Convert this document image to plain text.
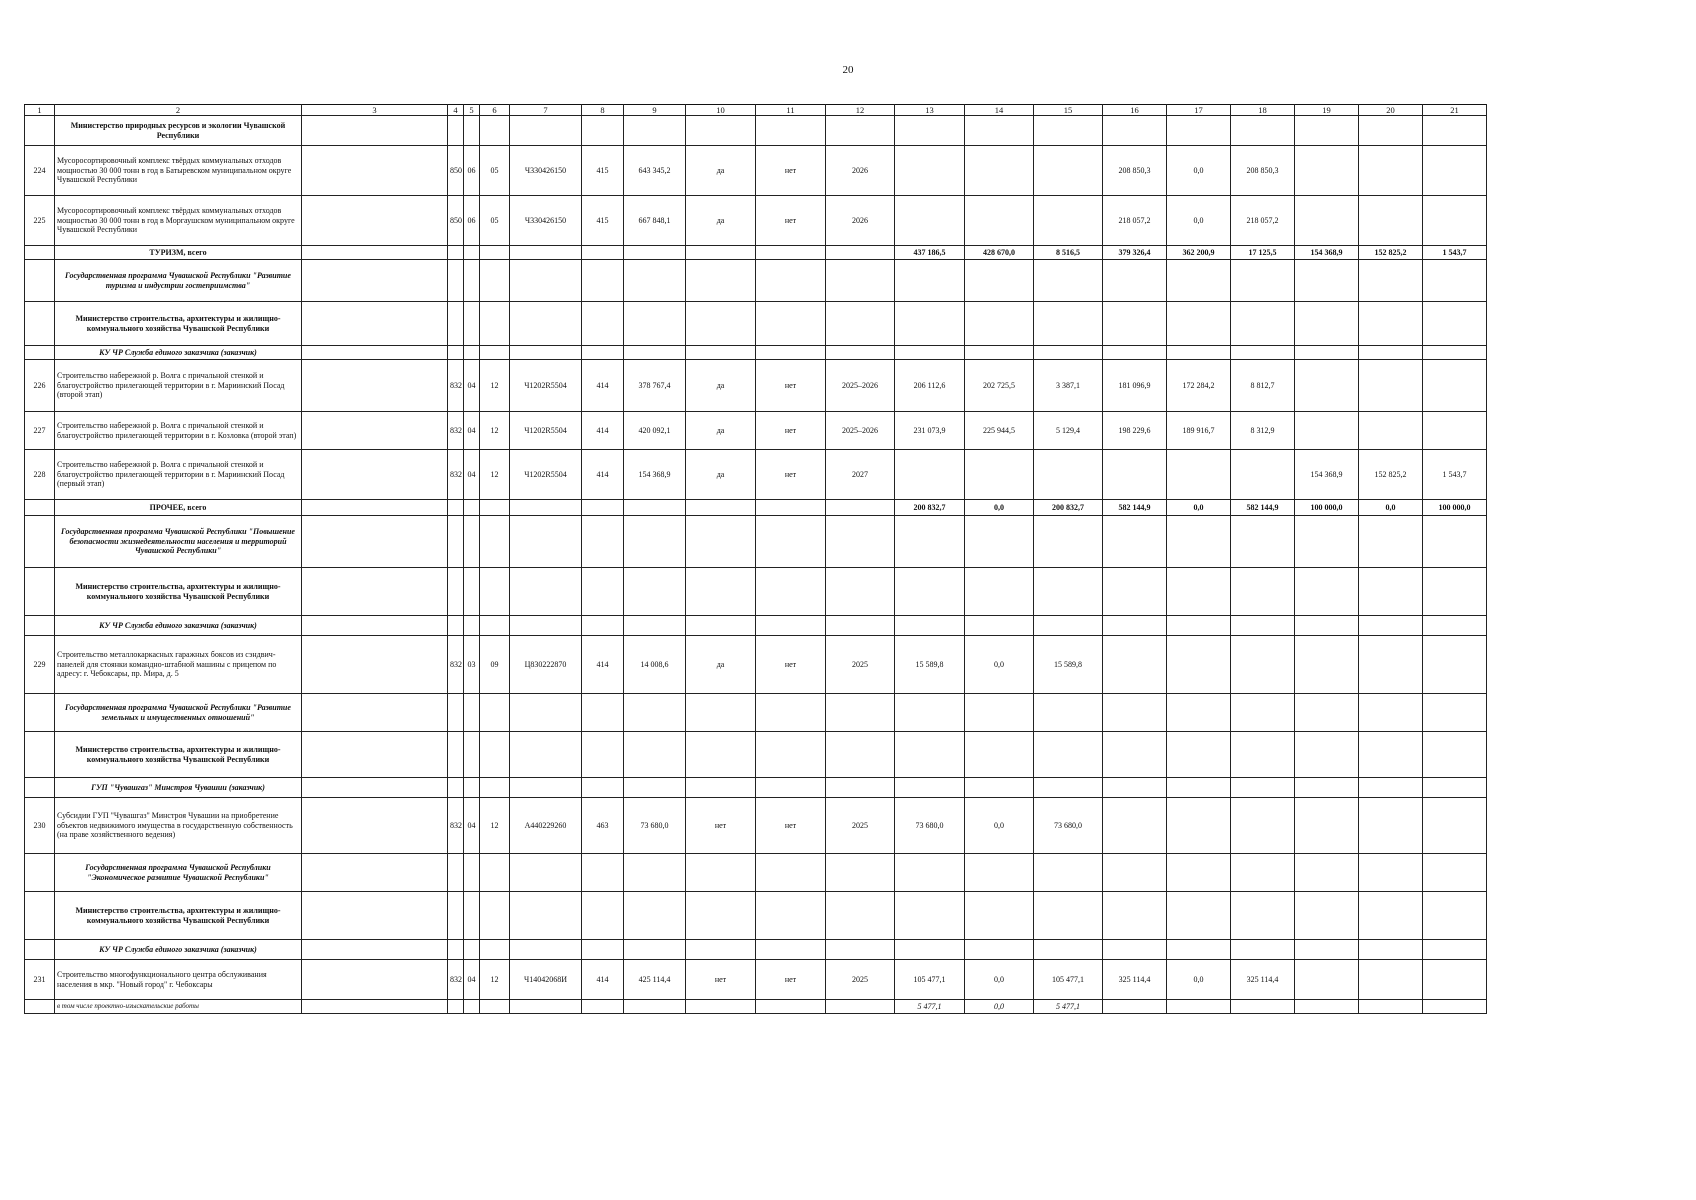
20
1	2	3	4	5	6	7	8	9	10	11	12	13	14	15	16	17	18	19	20	21
	Министерство природных ресурсов и экологии Чувашской Республики																			
224	Мусоросортировочный комплекс твёрдых коммунальных отходов мощностью 30 000 тонн в год в Батыревском муниципальном округе Чувашской Республики		850	06	05	Ч330426150	415	643 345,2	да	нет	2026				208 850,3	0,0	208 850,3			
225	Мусоросортировочный комплекс твёрдых коммунальных отходов мощностью 30 000 тонн в год в Моргаушском муниципальном округе Чувашской Республики		850	06	05	Ч330426150	415	667 848,1	да	нет	2026				218 057,2	0,0	218 057,2			
	ТУРИЗМ, всего											437 186,5	428 670,0	8 516,5	379 326,4	362 200,9	17 125,5	154 368,9	152 825,2	1 543,7
	Государственная программа Чувашской Республики "Развитие туризма и индустрии гостеприимства"																			
	Министерство строительства, архитектуры и жилищно-коммунального хозяйства Чувашской Республики																			
	КУ ЧР Служба единого заказчика (заказчик)																			
226	Строительство набережной р. Волга с причальной стенкой и благоустройство прилегающей территории в г. Мариинский Посад (второй этап)		832	04	12	Ч1202R5504	414	378 767,4	да	нет	2025–2026	206 112,6	202 725,5	3 387,1	181 096,9	172 284,2	8 812,7			
227	Строительство набережной р. Волга с причальной стенкой и благоустройство прилегающей территории в г. Козловка (второй этап)		832	04	12	Ч1202R5504	414	420 092,1	да	нет	2025–2026	231 073,9	225 944,5	5 129,4	198 229,6	189 916,7	8 312,9			
228	Строительство набережной р. Волга с причальной стенкой и благоустройство прилегающей территории в г. Мариинский Посад (первый этап)		832	04	12	Ч1202R5504	414	154 368,9	да	нет	2027							154 368,9	152 825,2	1 543,7
	ПРОЧЕЕ, всего											200 832,7	0,0	200 832,7	582 144,9	0,0	582 144,9	100 000,0	0,0	100 000,0
	Государственная программа Чувашской Республики "Повышение безопасности жизнедеятельности населения и территорий Чувашской Республики"																			
	Министерство строительства, архитектуры и жилищно-коммунального хозяйства Чувашской Республики																			
	КУ ЧР Служба единого заказчика (заказчик)																			
229	Строительство металлокаркасных гаражных боксов из сэндвич-панелей для стоянки командно-штабной машины с прицепом по адресу: г. Чебоксары, пр. Мира, д. 5		832	03	09	Ц830222870	414	14 008,6	да	нет	2025	15 589,8	0,0	15 589,8						
	Государственная программа Чувашской Республики "Развитие земельных и имущественных отношений"																			
	Министерство строительства, архитектуры и жилищно-коммунального хозяйства Чувашской Республики																			
	ГУП "Чувашгаз" Минстроя Чувашии (заказчик)																			
230	Субсидии ГУП "Чувашгаз" Минстроя Чувашии на приобретение объектов недвижимого имущества в государственную собственность (на праве хозяйственного ведения)		832	04	12	А440229260	463	73 680,0	нет	нет	2025	73 680,0	0,0	73 680,0						
	Государственная программа Чувашской Республики "Экономическое развитие Чувашской Республики"																			
	Министерство строительства, архитектуры и жилищно-коммунального хозяйства Чувашской Республики																			
	КУ ЧР Служба единого заказчика (заказчик)																			
231	Строительство многофункционального центра обслуживания населения в мкр. "Новый город" г. Чебоксары		832	04	12	Ч14042068И	414	425 114,4	нет	нет	2025	105 477,1	0,0	105 477,1	325 114,4	0,0	325 114,4			
	в том числе проектно-изыскательские работы											5 477,1	0,0	5 477,1						
